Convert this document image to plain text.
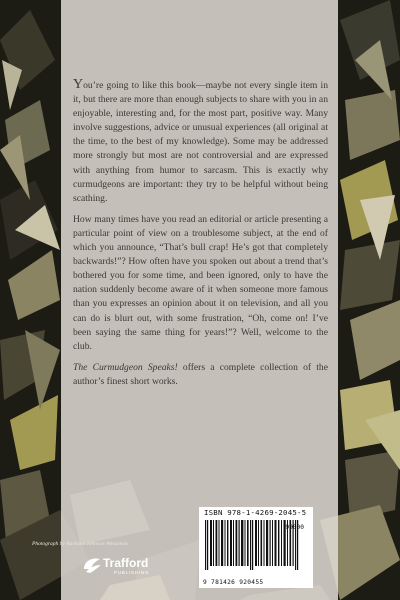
You’re going to like this book—maybe not every single item in it, but there are more than enough subjects to share with you in an enjoyable, interesting and, for the most part, positive way. Many involve suggestions, advice or unusual experiences (all original at the time, to the best of my knowledge). Some may be addressed more strongly but most are not controversial and are expressed with anything from humor to sarcasm. This is exactly why curmudgeons are important: they try to be helpful without being scathing.

How many times have you read an editorial or article presenting a particular point of view on a troublesome subject, at the end of which you announce, “That’s bull crap! He’s got that completely backwards!”? How often have you spoken out about a trend that’s bothered you for some time, and been ignored, only to have the nation suddenly become aware of it when someone more famous than you expresses an opinion about it on television, and all you can do is blurt out, with some frustration, “Oh, come on! I’ve been saying the same thing for years!”? Well, welcome to the club.

The Curmudgeon Speaks! offers a complete collection of the author’s finest short works.

Photograph by Barbara Johnson Weissman
Trafford
PUBLISHING
ISBN 978-1-4269-2045-5
90000
9 781426 920455
